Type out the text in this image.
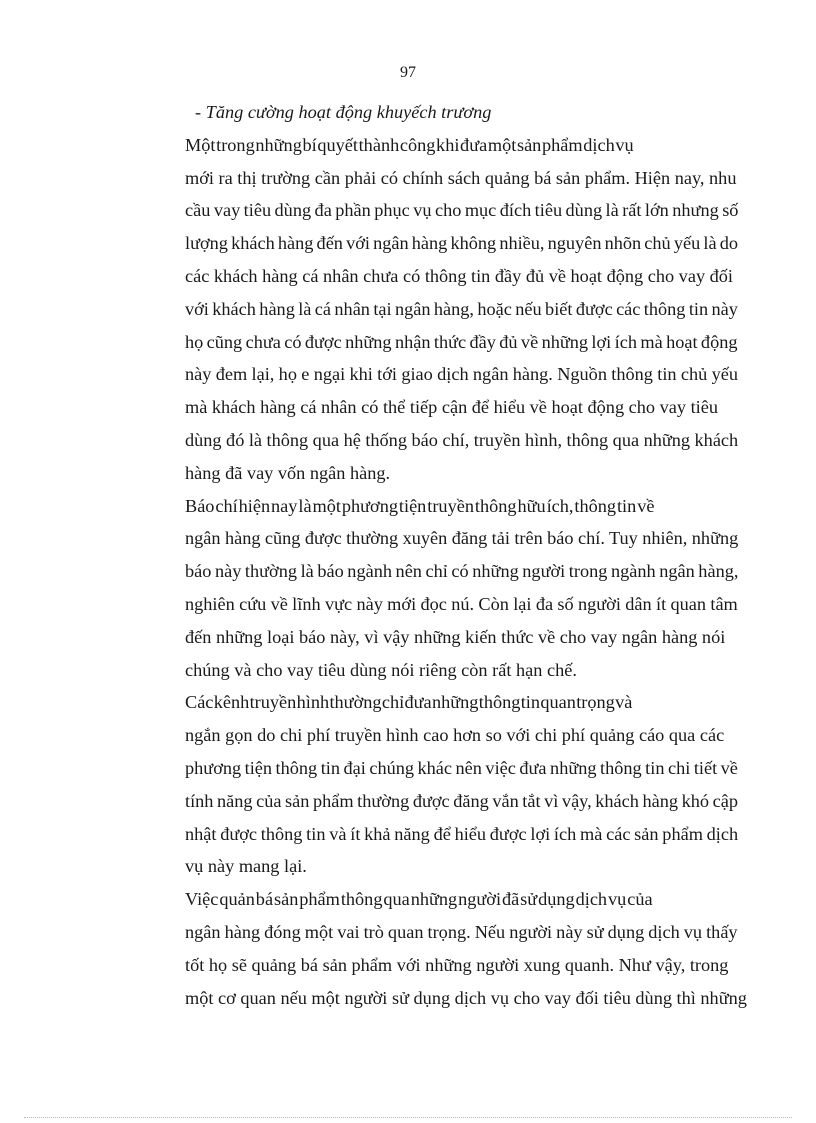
97

- Tăng cường hoạt động khuyếch trương

Một trong những bí quyết thành công khi đưa một sản phẩm dịch vụ
mới ra thị trường cần phải có chính sách quảng bá sản phẩm. Hiện nay, nhu
cầu vay tiêu dùng đa phần phục vụ cho mục đích tiêu dùng là rất lớn nhưng số
lượng khách hàng đến với ngân hàng không nhiều, nguyên nhõn chủ yếu là do
các khách hàng cá nhân chưa có thông tin đầy đủ về hoạt động cho vay đối
với khách hàng là cá nhân tại ngân hàng, hoặc nếu biết được các thông tin này
họ cũng chưa có được những nhận thức đầy đủ về những lợi ích mà hoạt động
này đem lại, họ e ngại khi tới giao dịch ngân hàng. Nguồn thông tin chủ yếu
mà khách hàng cá nhân có thể tiếp cận để hiểu về hoạt động cho vay tiêu
dùng đó là thông qua hệ thống báo chí, truyền hình, thông qua những khách
hàng đã vay vốn ngân hàng.

Báo chí hiện nay là một phương tiện truyền thông hữu ích, thông tin về
ngân hàng cũng được thường xuyên đăng tải trên báo chí. Tuy nhiên, những
báo này thường là báo ngành nên chỉ có những người trong ngành ngân hàng,
nghiên cứu về lĩnh vực này mới đọc nú. Còn lại đa số người dân ít quan tâm
đến những loại báo này, vì vậy những kiến thức về cho vay ngân hàng nói
chúng và cho vay tiêu dùng nói riêng còn rất hạn chế.

Các kênh truyền hình thường chỉ đưa những thông tin quan trọng và
ngắn gọn do chi phí truyền hình cao hơn so với chi phí quảng cáo qua các
phương tiện thông tin đại chúng khác nên việc đưa những thông tin chi tiết về
tính năng của sản phẩm thường được đăng vắn tắt vì vậy, khách hàng khó cập
nhật được thông tin và ít khả năng để hiểu được lợi ích mà các sản phẩm dịch
vụ này mang lại.

Việc quản bá sản phẩm thông qua những người đã sử dụng dịch vụ của
ngân hàng đóng một vai trò quan trọng. Nếu người này sử dụng dịch vụ thấy
tốt họ sẽ quảng bá sản phẩm với những người xung quanh. Như vậy, trong
một cơ quan nếu một người sử dụng dịch vụ cho vay đối tiêu dùng thì những
